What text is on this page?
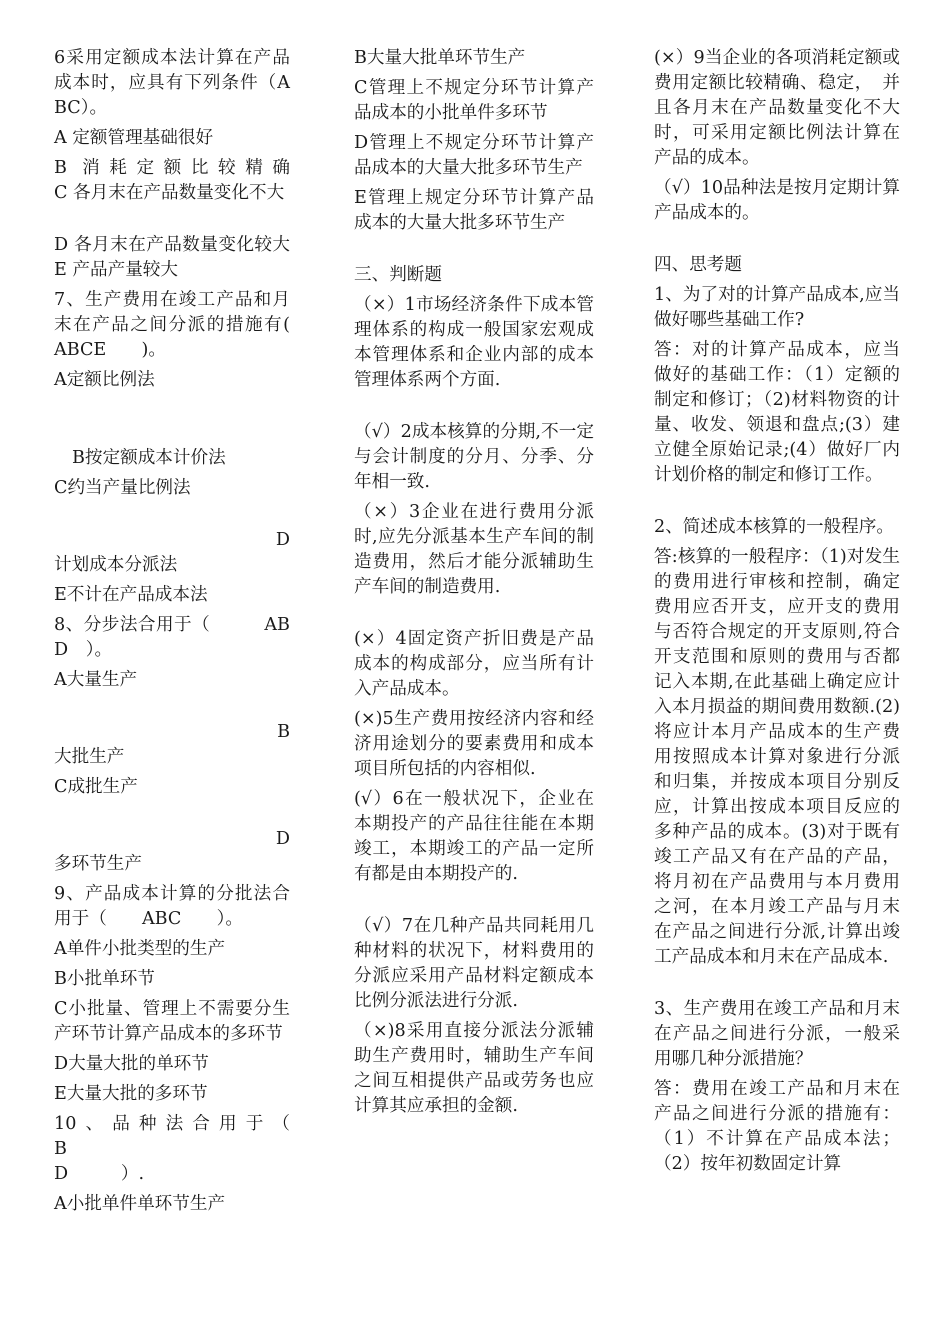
6采用定额成本法计算在产品成本时，应具有下列条件（ABC）。

A 定额管理基础很好

B 消耗定额比较精确　　　　C 各月末在产品数量变化不大

D 各月末在产品数量变化较大　　　E 产品产量较大

7、生产费用在竣工产品和月末在产品之间分派的措施有(　ABCE　　)。

A定额比例法

B按定额成本计价法

C约当产量比例法

D

计划成本分派法

E不计在产品成本法

8、分步法合用于（　　　ABD　）。

A大量生产

B

大批生产

C成批生产

D

多环节生产

9、产品成本计算的分批法合用于（　　ABC　　）。

A单件小批类型的生产

B小批单环节

C小批量、管理上不需要分生产环节计算产品成本的多环节

D大量大批的单环节

E大量大批的多环节

10、品种法合用于（　　　　B

D　　　）.

A小批单件单环节生产

B大量大批单环节生产

C管理上不规定分环节计算产品成本的小批单件多环节

D管理上不规定分环节计算产品成本的大量大批多环节生产

E管理上规定分环节计算产品成本的大量大批多环节生产

三、判断题

（×）1市场经济条件下成本管理体系的构成一般国家宏观成本管理体系和企业内部的成本管理体系两个方面.

（√）2成本核算的分期,不一定与会计制度的分月、分季、分年相一致.

（×）3企业在进行费用分派时,应先分派基本生产车间的制造费用，然后才能分派辅助生产车间的制造费用.

(×）4固定资产折旧费是产品成本的构成部分，应当所有计入产品成本。

(×)5生产费用按经济内容和经济用途划分的要素费用和成本项目所包括的内容相似.

(√）6在一般状况下，企业在本期投产的产品往往能在本期竣工，本期竣工的产品一定所有都是由本期投产的.

（√）7在几种产品共同耗用几种材料的状况下，材料费用的分派应采用产品材料定额成本比例分派法进行分派.

（×)8采用直接分派法分派辅助生产费用时，辅助生产车间之间互相提供产品或劳务也应计算其应承担的金额.

(×）9当企业的各项消耗定额或费用定额比较精确、稳定，　并且各月末在产品数量变化不大时，可采用定额比例法计算在产品的成本。

（√）10品种法是按月定期计算产品成本的。

四、思考题

1、为了对的计算产品成本,应当做好哪些基础工作?

答：对的计算产品成本，应当做好的基础工作：（1）定额的制定和修订；（2)材料物资的计量、收发、领退和盘点;(3）建立健全原始记录;(4）做好厂内计划价格的制定和修订工作。

2、简述成本核算的一般程序。

答:核算的一般程序：（1)对发生的费用进行审核和控制，确定费用应否开支，应开支的费用与否符合规定的开支原则,符合开支范围和原则的费用与否都记入本期,在此基础上确定应计入本月损益的期间费用数额.(2)将应计本月产品成本的生产费用按照成本计算对象进行分派和归集，并按成本项目分别反应，计算出按成本项目反应的多种产品的成本。(3)对于既有竣工产品又有在产品的产品，将月初在产品费用与本月费用之河，在本月竣工产品与月末在产品之间进行分派,计算出竣工产品成本和月末在产品成本.

3、生产费用在竣工产品和月末在产品之间进行分派，一般采用哪几种分派措施？

答：费用在竣工产品和月末在产品之间进行分派的措施有：（1）不计算在产品成本法；（2）按年初数固定计算
